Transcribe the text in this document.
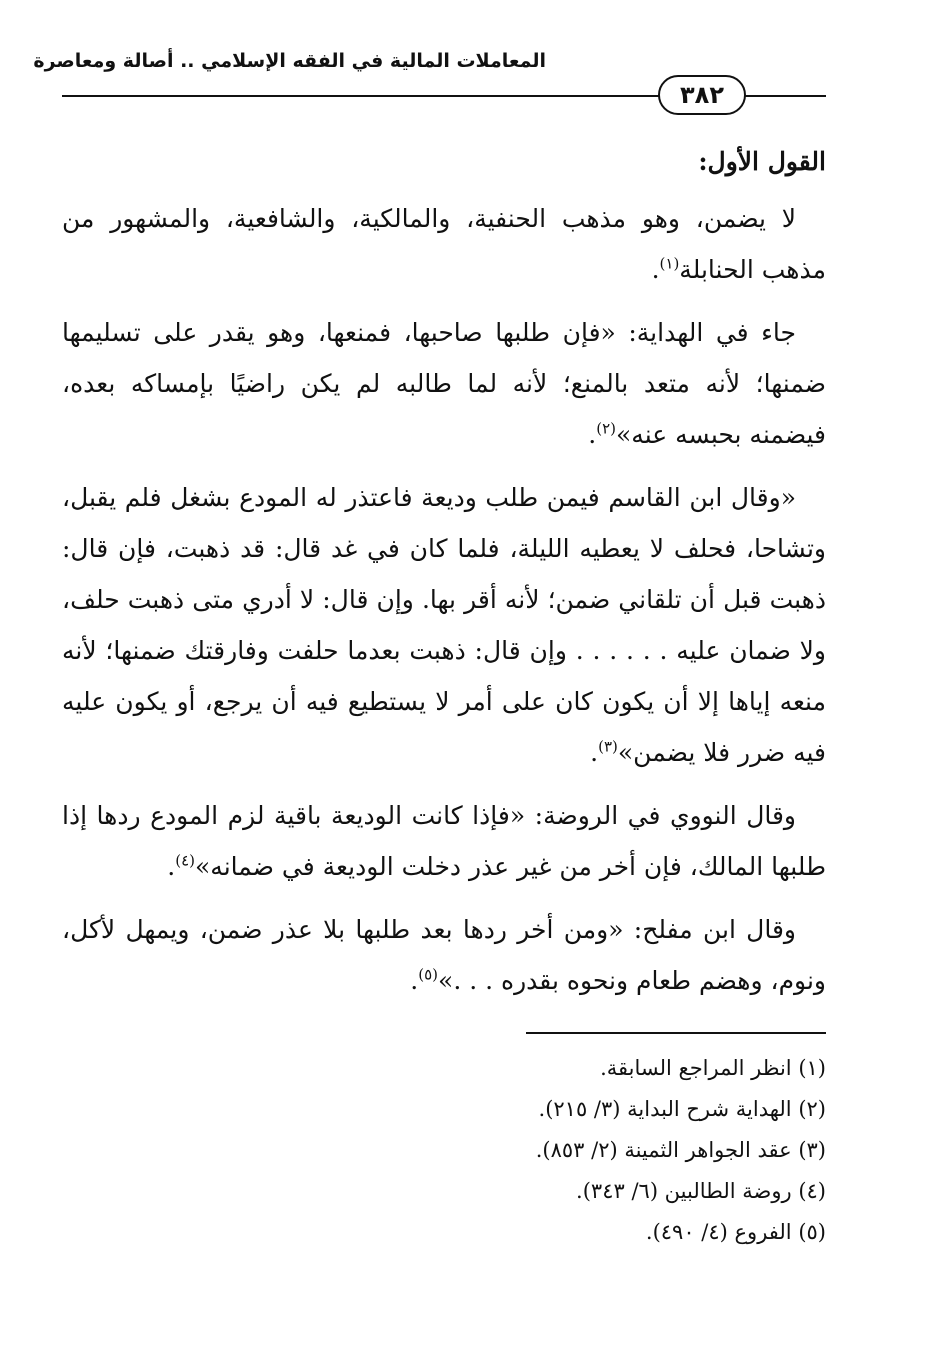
المعاملات المالية في الفقه الإسلامي .. أصالة ومعاصرة
٣٨٢
القول الأول:

لا يضمن، وهو مذهب الحنفية، والمالكية، والشافعية، والمشهور من مذهب الحنابلة$^{(١)}$.

جاء في الهداية: «فإن طلبها صاحبها، فمنعها، وهو يقدر على تسليمها ضمنها؛ لأنه متعد بالمنع؛ لأنه لما طالبه لم يكن راضيًا بإمساكه بعده، فيضمنه بحبسه عنه»$^{(٢)}$.

«وقال ابن القاسم فيمن طلب وديعة فاعتذر له المودع بشغل فلم يقبل، وتشاحا، فحلف لا يعطيه الليلة، فلما كان في غد قال: قد ذهبت، فإن قال: ذهبت قبل أن تلقاني ضمن؛ لأنه أقر بها. وإن قال: لا أدري متى ذهبت حلف، ولا ضمان عليه . . . . . . وإن قال: ذهبت بعدما حلفت وفارقتك ضمنها؛ لأنه منعه إياها إلا أن يكون كان على أمر لا يستطيع فيه أن يرجع، أو يكون عليه فيه ضرر فلا يضمن»$^{(٣)}$.

وقال النووي في الروضة: «فإذا كانت الوديعة باقية لزم المودع ردها إذا طلبها المالك، فإن أخر من غير عذر دخلت الوديعة في ضمانه»$^{(٤)}$.

وقال ابن مفلح: «ومن أخر ردها بعد طلبها بلا عذر ضمن، ويمهل لأكل، ونوم، وهضم طعام ونحوه بقدره . . .»$^{(٥)}$.

(١) انظر المراجع السابقة.
(٢) الهداية شرح البداية (٣/ ٢١٥).
(٣) عقد الجواهر الثمينة (٢/ ٨٥٣).
(٤) روضة الطالبين (٦/ ٣٤٣).
(٥) الفروع (٤/ ٤٩٠).
